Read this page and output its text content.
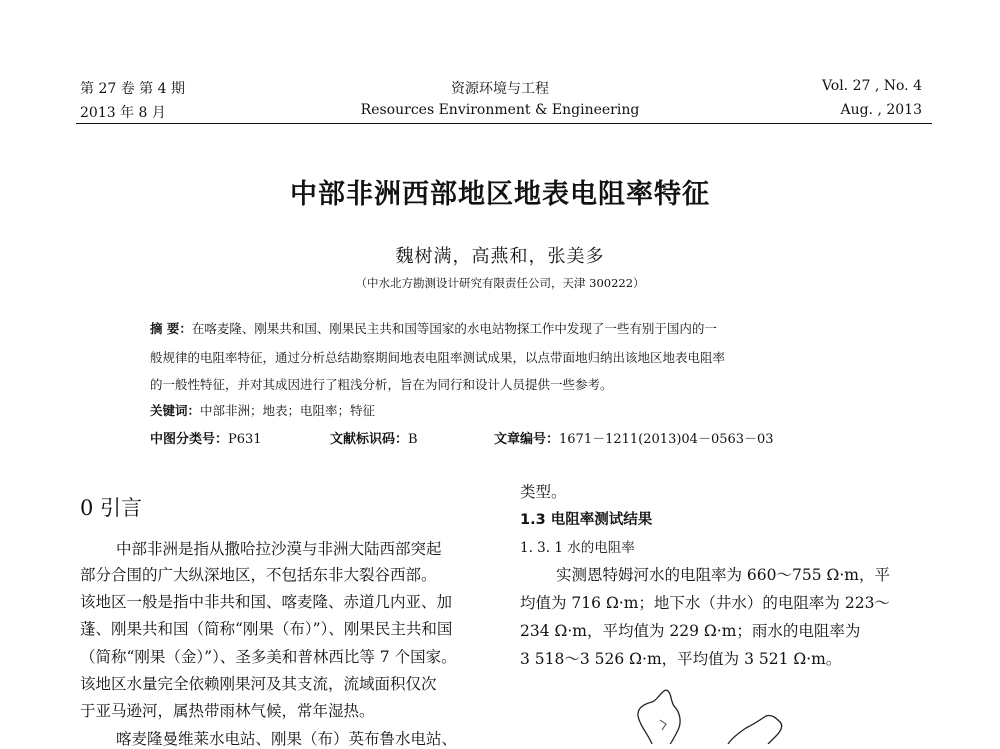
第 27 卷 第 4 期
2013 年 8 月
资源环境与工程
Resources Environment & Engineering
Vol. 27 , No. 4
Aug. , 2013
中部非洲西部地区地表电阻率特征
魏树满，高燕和，张美多
（中水北方勘测设计研究有限责任公司，天津 300222）
摘 要：在喀麦隆、刚果共和国、刚果民主共和国等国家的水电站物探工作中发现了一些有别于国内的一
般规律的电阻率特征，通过分析总结勘察期间地表电阻率测试成果，以点带面地归纳出该地区地表电阻率
的一般性特征，并对其成因进行了粗浅分析，旨在为同行和设计人员提供一些参考。
关键词：中部非洲；地表；电阻率；特征
中图分类号：P631	文献标识码：B	文章编号：1671－1211(2013)04－0563－03
0 引言
中部非洲是指从撒哈拉沙漠与非洲大陆西部突起
部分合围的广大纵深地区，不包括东非大裂谷西部。
该地区一般是指中非共和国、喀麦隆、赤道几内亚、加
蓬、刚果共和国（简称“刚果（布）”）、刚果民主共和国
（简称“刚果（金）”）、圣多美和普林西比等 7 个国家。
该地区水量完全依赖刚果河及其支流，流域面积仅次
于亚马逊河，属热带雨林气候，常年湿热。
喀麦隆曼维莱水电站、刚果（布）英布鲁水电站、
类型。
1.3 电阻率测试结果
1. 3. 1 水的电阻率
实测恩特姆河水的电阻率为 660～755 Ω·m，平
均值为 716 Ω·m；地下水（井水）的电阻率为 223～
234 Ω·m，平均值为 229 Ω·m；雨水的电阻率为
3 518～3 526 Ω·m，平均值为 3 521 Ω·m。
